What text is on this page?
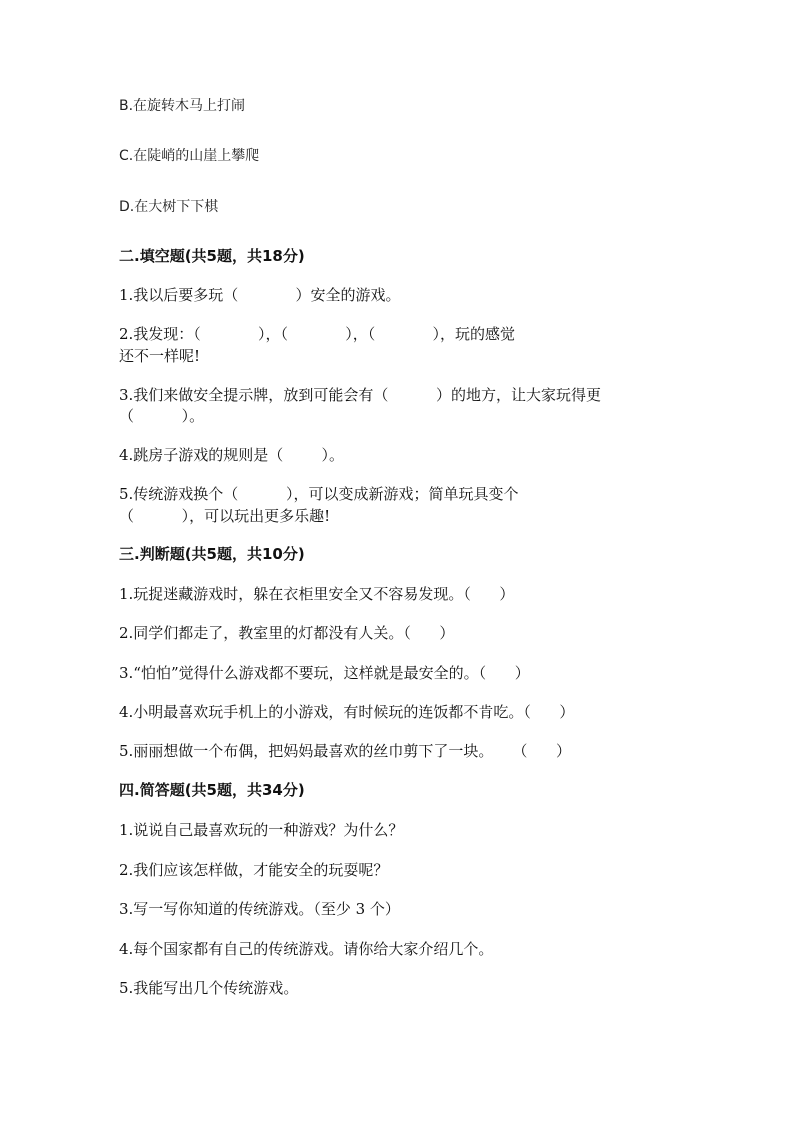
B.在旋转木马上打闹
C.在陡峭的山崖上攀爬
D.在大树下下棋
二.填空题(共5题，共18分)
1.我以后要多玩（            ）安全的游戏。
2.我发现：（            ），（            ），（            ），玩的感觉
还不一样呢!
3.我们来做安全提示牌，放到可能会有（          ）的地方，让大家玩得更
（          ）。
4.跳房子游戏的规则是（        ）。
5.传统游戏换个（          ），可以变成新游戏；简单玩具变个
（          ），可以玩出更多乐趣!
三.判断题(共5题，共10分)
1.玩捉迷藏游戏时，躲在衣柜里安全又不容易发现。（      ）
2.同学们都走了，教室里的灯都没有人关。（      ）
3.“怕怕”觉得什么游戏都不要玩，这样就是最安全的。（      ）
4.小明最喜欢玩手机上的小游戏，有时候玩的连饭都不肯吃。（      ）
5.丽丽想做一个布偶，把妈妈最喜欢的丝巾剪下了一块。    （      ）
四.简答题(共5题，共34分)
1.说说自己最喜欢玩的一种游戏？为什么？
2.我们应该怎样做，才能安全的玩耍呢？
3.写一写你知道的传统游戏。（至少 3 个）
4.每个国家都有自己的传统游戏。请你给大家介绍几个。
5.我能写出几个传统游戏。
